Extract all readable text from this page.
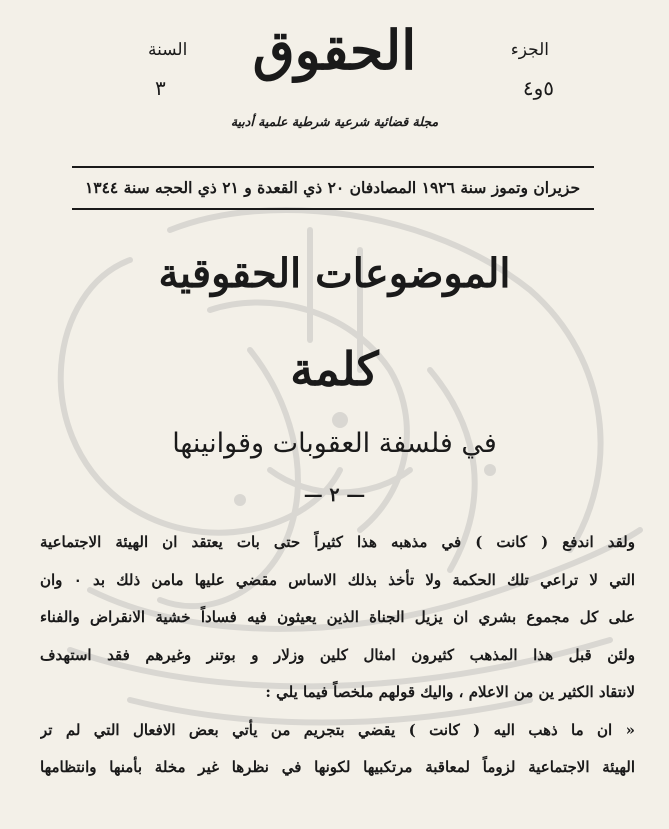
الجزء
٥و٤
السنة
٣
الحقوق
مجلة قضائية شرعية شرطية علمية أدبية
حزيران وتموز سنة ١٩٢٦ المصادفان ٢٠ ذي القعدة و ٢١ ذي الحجه سنة ١٣٤٤
الموضوعات الحقوقية
كلمة
في فلسفة العقوبات وقوانينها
— ٢ —
ولقد اندفع ( كانت ) في مذهبه هذا كثيراً حتى بات يعتقد ان الهيئة الاجتماعية
التي لا تراعي تلك الحكمة ولا تأخذ بذلك الاساس مقضي عليها مامن ذلك بد ٠ وان
على كل مجموع بشري ان يزيل الجناة الذين يعيثون فيه فساداً خشية الانقراض والفناء
ولئن قبل هذا المذهب كثيرون امثال كلين وزلار و بوتنر وغيرهم فقد استهدف
لانتقاد الكثير ين من الاعلام ، واليك قولهم ملخصاً فيما يلي :
« ان ما ذهب اليه ( كانت ) يقضي بتجريم من يأتي بعض الافعال التي لم تر
الهيئة الاجتماعية لزوماً لمعاقبة مرتكبيها لكونها في نظرها غير مخلة بأمنها وانتظامها
